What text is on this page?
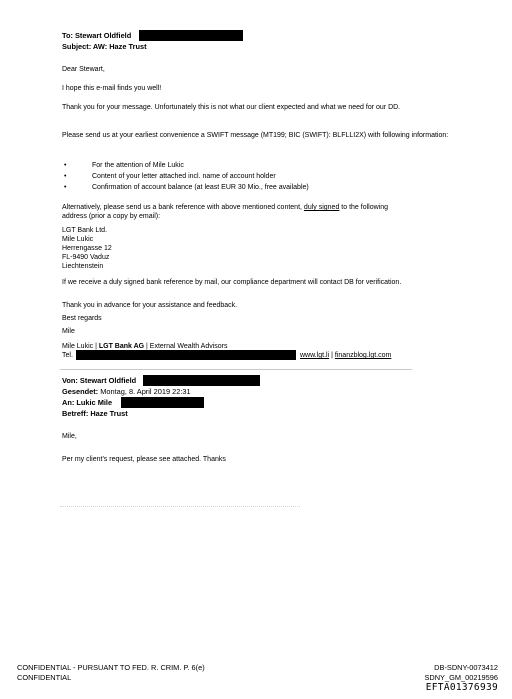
To: Stewart Oldfield
Subject: AW: Haze Trust
Dear Stewart,
I hope this e-mail finds you well!
Thank you for your message. Unfortunately this is not what our client expected and what we need for our DD.
Please send us at your earliest convenience a SWIFT message (MT199; BIC (SWIFT): BLFLLI2X) with following information:
•	For the attention of Mile Lukic
•	Content of your letter attached incl. name of account holder
•	Confirmation of account balance (at least EUR 30 Mio., free available)
Alternatively, please send us a bank reference with above mentioned content, duly signed to the following
address (prior a copy by email):
LGT Bank Ltd.
Mile Lukic
Herrengasse 12
FL-9490 Vaduz
Liechtenstein
If we receive a duly signed bank reference by mail, our compliance department will contact DB for verification.
Thank you in advance for your assistance and feedback.
Best regards
Mile
Mile Lukic | LGT Bank AG | External Wealth Advisors
Tel.	www.lgt.li | finanzblog.lgt.com
Von: Stewart Oldfield
Gesendet: Montag, 8. April 2019 22:31
An: Lukic Mile
Betreff: Haze Trust
Mile,
Per my client's request, please see attached. Thanks
CONFIDENTIAL - PURSUANT TO FED. R. CRIM. P. 6(e)
CONFIDENTIAL
DB-SDNY-0073412
SDNY_GM_00219596
EFTA01376939
